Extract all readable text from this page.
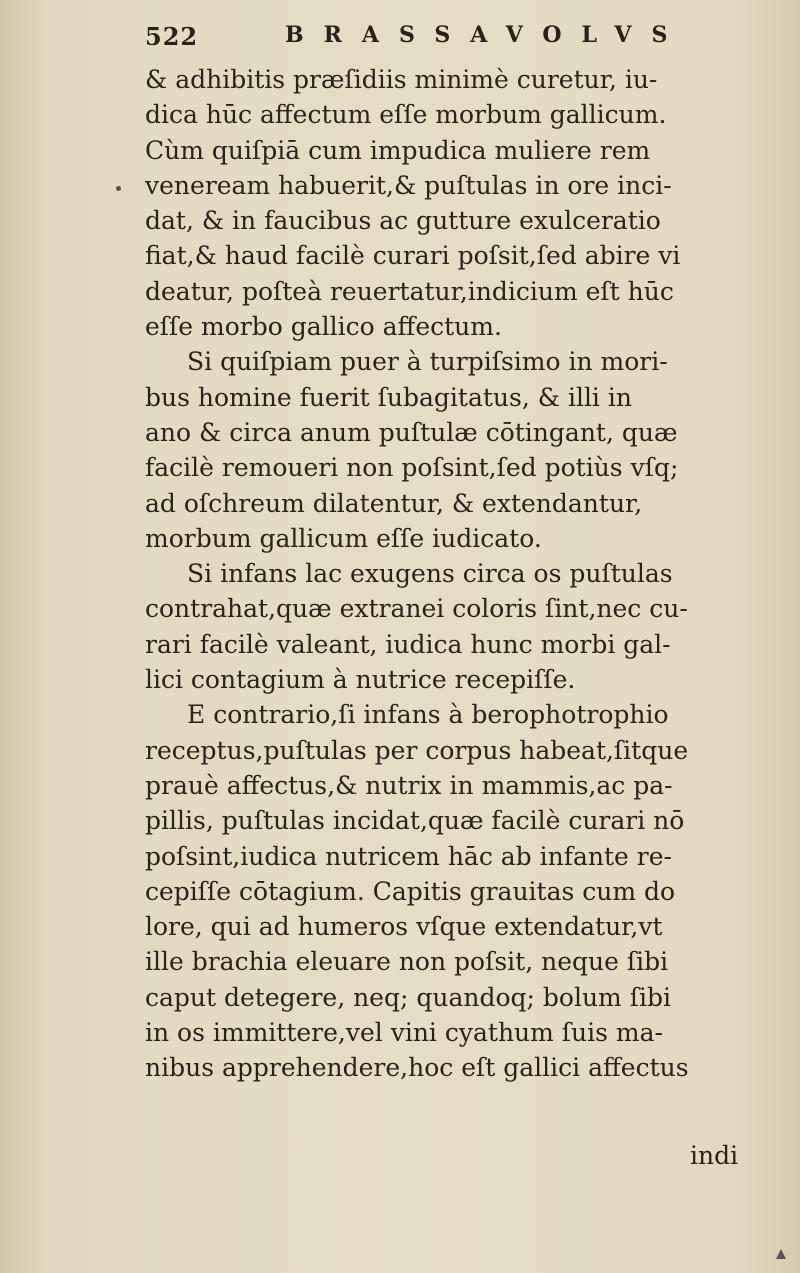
522	BRASSAVOLVS
& adhibitis præſidiis minimè curetur, iu-
dica hūc affectum eſſe morbum gallicum.
Cùm quiſpiā cum impudica muliere rem
veneream habuerit,& puſtulas in ore inci-
dat, & in faucibus ac gutture exulceratio
fiat,& haud facilè curari poſsit,ſed abire vi
deatur, poſteà reuertatur,indicium eſt hūc
eſſe morbo gallico affectum.
Si quiſpiam puer à turpiſsimo in mori-
bus homine fuerit ſubagitatus, & illi in
ano & circa anum puſtulæ cōtingant, quæ
facilè remoueri non poſsint,ſed potiùs vſq;
ad oſchreum dilatentur, & extendantur,
morbum gallicum eſſe iudicato.
Si infans lac exugens circa os puſtulas
contrahat,quæ extranei coloris ſint,nec cu-
rari facilè valeant, iudica hunc morbi gal-
lici contagium à nutrice recepiſſe.
E contrario,ſi infans à berophotrophio
receptus,puſtulas per corpus habeat,ſitque
prauè affectus,& nutrix in mammis,ac pa-
pillis, puſtulas incidat,quæ facilè curari nō
poſsint,iudica nutricem hāc ab infante re-
cepiſſe cōtagium. Capitis grauitas cum do
lore, qui ad humeros vſque extendatur,vt
ille brachia eleuare non poſsit, neque ſibi
caput detegere, neq; quandoq; bolum ſibi
in os immittere,vel vini cyathum ſuis ma-
nibus apprehendere,hoc eſt gallici affectus
indi
